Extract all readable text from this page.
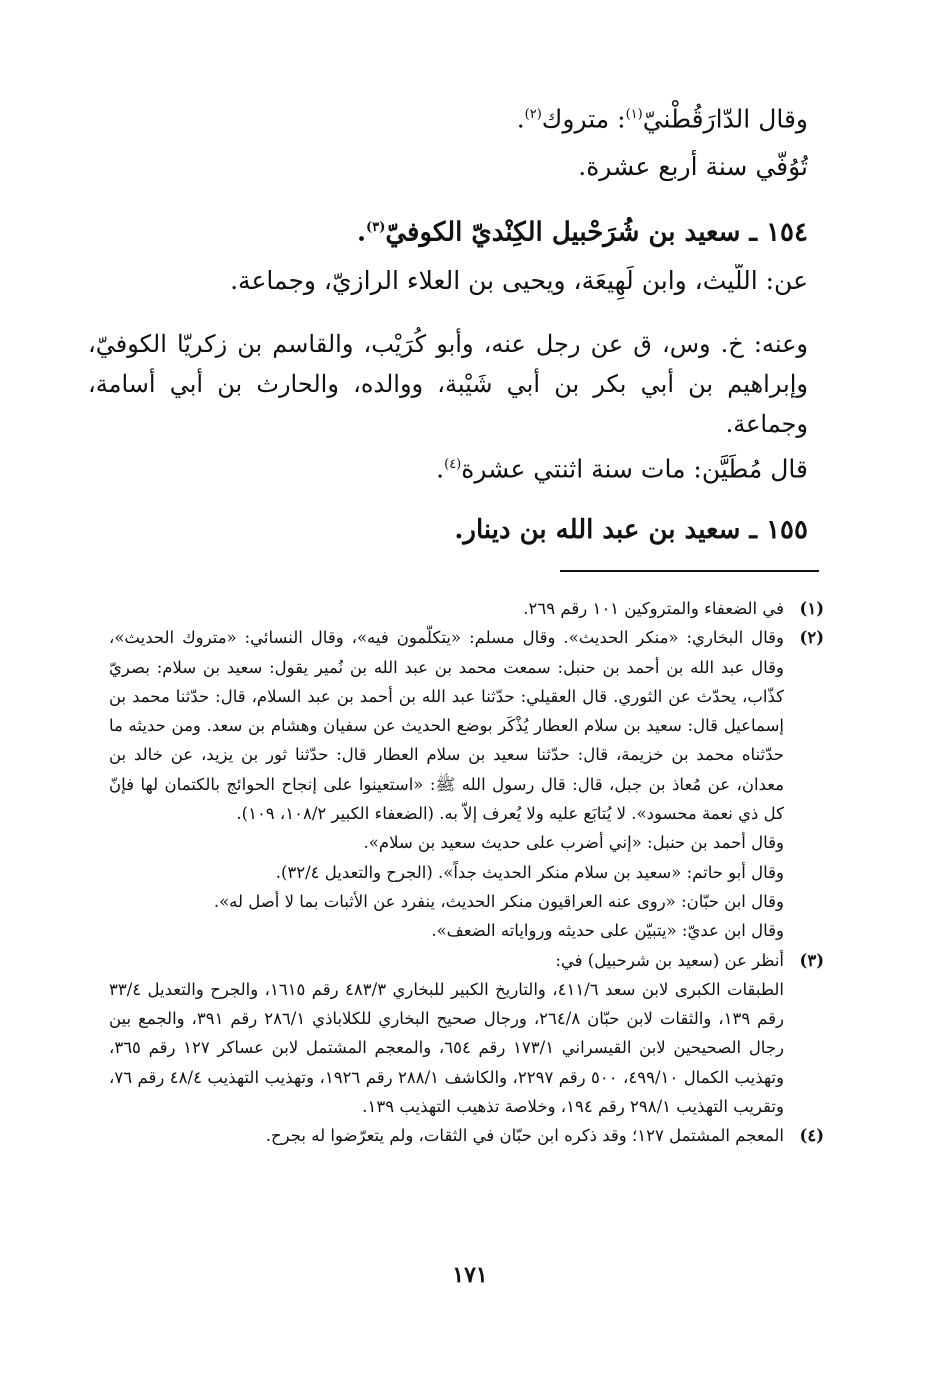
وقال الدّارَقُطْنيّ$^{(١)}$: متروك$^{(٢)}$.

تُوُفّي سنة أربع عشرة.

١٥٤ ـ سعيد بن شُرَحْبيل الكِنْديّ الكوفيّ$^{(٣)}$.

عن: اللَّيث، وابن لَهِيعَة، ويحيى بن العلاء الرازيّ، وجماعة.

وعنه: خ. وس، ق عن رجل عنه، وأبو كُرَيْب، والقاسم بن زكريّا الكوفيّ، وإبراهيم بن أبي بكر بن أبي شَيْبة، ووالده، والحارث بن أبي أسامة، وجماعة.

قال مُطَيَّن: مات سنة اثنتي عشرة$^{(٤)}$.

١٥٥ ـ سعيد بن عبد الله بن دينار.

(١)
في الضعفاء والمتروكين ١٠١ رقم ٢٦٩.
(٢)
وقال البخاري: «منكر الحديث». وقال مسلم: «يتكلّمون فيه»، وقال النسائي: «متروك الحديث»، وقال عبد الله بن أحمد بن حنبل: سمعت محمد بن عبد الله بن نُمير يقول: سعيد بن سلام: بصريّ كذّاب، يحدّث عن الثوري. قال العقيلي: حدّثنا عبد الله بن أحمد بن عبد السلام، قال: حدّثنا محمد بن إسماعيل قال: سعيد بن سلام العطار يُذْكَر بوضع الحديث عن سفيان وهشام بن سعد. ومن حديثه ما حدّثناه محمد بن خزيمة، قال: حدّثنا سعيد بن سلام العطار قال: حدّثنا ثور بن يزيد، عن خالد بن معدان، عن مُعاذ بن جبل، قال: قال رسول الله ﷺ: «استعينوا على إنجاح الحوائج بالكتمان لها فإنّ كل ذي نعمة محسود». لا يُتابَع عليه ولا يُعرف إلاّ به. (الضعفاء الكبير ١٠٨/٢، ١٠٩).
وقال أحمد بن حنبل: «إني أضرب على حديث سعيد بن سلام».
وقال أبو حاتم: «سعيد بن سلام منكر الحديث جداً». (الجرح والتعديل ٣٢/٤).
وقال ابن حبّان: «روى عنه العراقيون منكر الحديث، ينفرد عن الأثبات بما لا أصل له».
وقال ابن عديّ: «يتبيّن على حديثه ورواياته الضعف».
(٣)
أنظر عن (سعيد بن شرحبيل) في:
الطبقات الكبرى لابن سعد ٤١١/٦، والتاريخ الكبير للبخاري ٤٨٣/٣ رقم ١٦١٥، والجرح والتعديل ٣٣/٤ رقم ١٣٩، والثقات لابن حبّان ٢٦٤/٨، ورجال صحيح البخاري للكلاباذي ٢٨٦/١ رقم ٣٩١، والجمع بين رجال الصحيحين لابن القيسراني ١٧٣/١ رقم ٦٥٤، والمعجم المشتمل لابن عساكر ١٢٧ رقم ٣٦٥، وتهذيب الكمال ٤٩٩/١٠، ٥٠٠ رقم ٢٢٩٧، والكاشف ٢٨٨/١ رقم ١٩٢٦، وتهذيب التهذيب ٤٨/٤ رقم ٧٦، وتقريب التهذيب ٢٩٨/١ رقم ١٩٤، وخلاصة تذهيب التهذيب ١٣٩.
(٤)
المعجم المشتمل ١٢٧؛ وقد ذكره ابن حبّان في الثقات، ولم يتعرّضوا له بجرح.
١٧١
